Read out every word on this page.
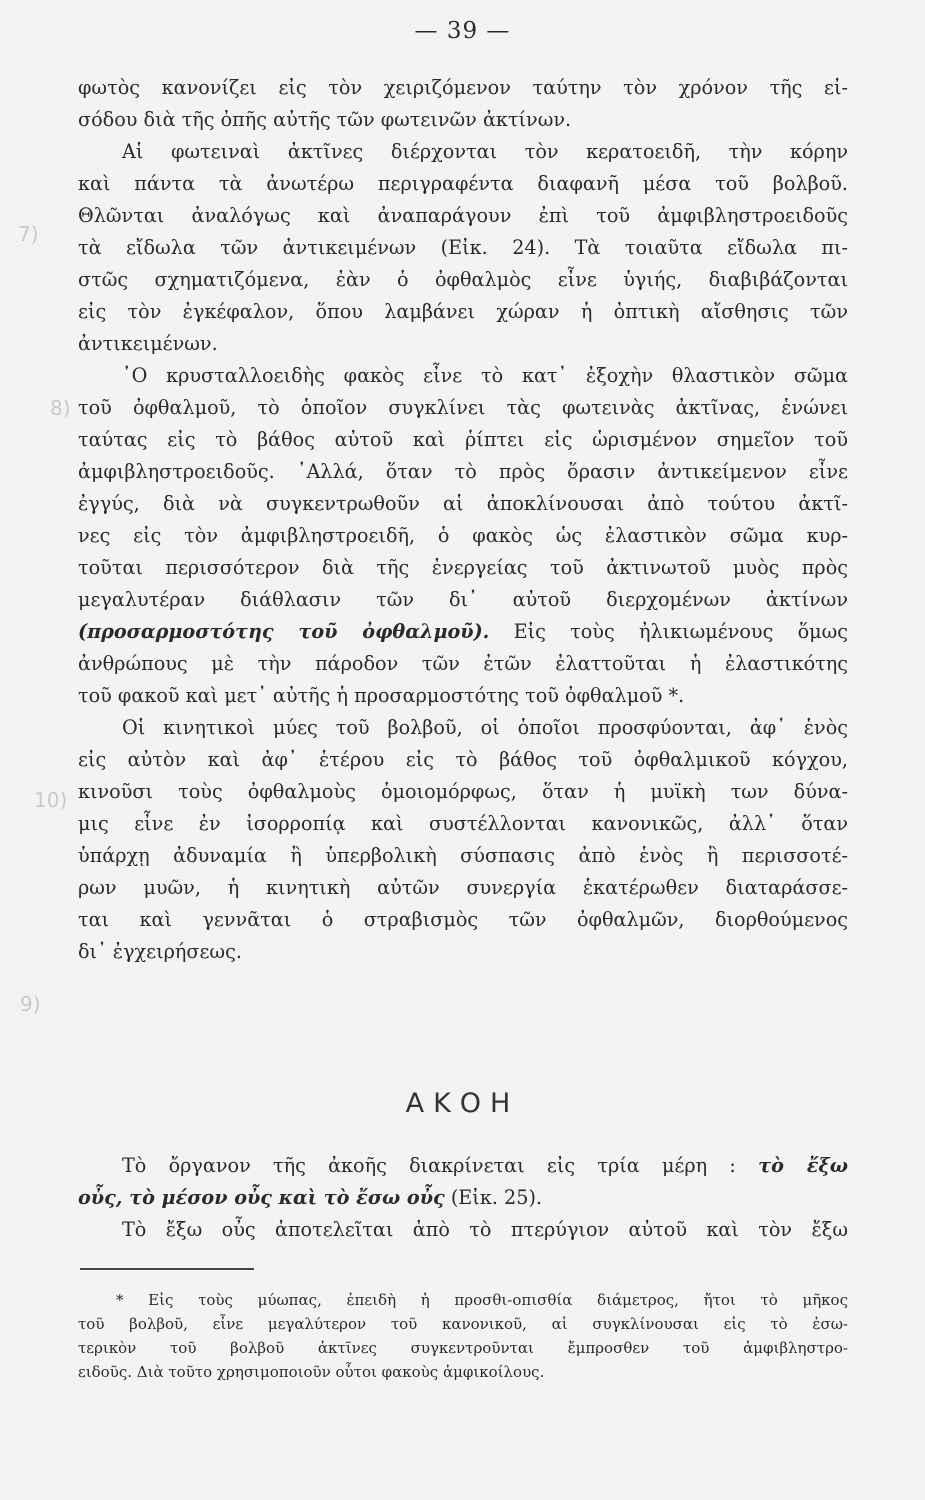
— 39 —
7)
8)
10)
9)
φωτὸς κανονίζει εἰς τὸν χειριζόμενον ταύτην τὸν χρόνον τῆς εἰ-
σόδου διὰ τῆς ὀπῆς αὐτῆς τῶν φωτεινῶν ἀκτίνων.
Αἱ φωτειναὶ ἀκτῖνες διέρχονται τὸν κερατοειδῆ, τὴν κόρην
καὶ πάντα τὰ ἀνωτέρω περιγραφέντα διαφανῆ μέσα τοῦ βολβοῦ.
Θλῶνται ἀναλόγως καὶ ἀναπαράγουν ἐπὶ τοῦ ἀμφιβληστροειδοῦς
τὰ εἴδωλα τῶν ἀντικειμένων (Εἰκ. 24). Τὰ τοιαῦτα εἴδωλα πι-
στῶς σχηματιζόμενα, ἐὰν ὁ ὀφθαλμὸς εἶνε ὑγιής, διαβιβάζονται
εἰς τὸν ἐγκέφαλον, ὅπου λαμβάνει χώραν ἡ ὀπτικὴ αἴσθησις τῶν
ἀντικειμένων.
῾Ο κρυσταλλοειδὴς φακὸς εἶνε τὸ κατ᾽ ἐξοχὴν θλαστικὸν σῶμα
τοῦ ὀφθαλμοῦ, τὸ ὁποῖον συγκλίνει τὰς φωτεινὰς ἀκτῖνας, ἑνώνει
ταύτας εἰς τὸ βάθος αὐτοῦ καὶ ῥίπτει εἰς ὡρισμένον σημεῖον τοῦ
ἀμφιβληστροειδοῦς. ᾿Αλλά, ὅταν τὸ πρὸς ὅρασιν ἀντικείμενον εἶνε
ἐγγύς, διὰ νὰ συγκεντρωθοῦν αἱ ἀποκλίνουσαι ἀπὸ τούτου ἀκτῖ-
νες εἰς τὸν ἀμφιβληστροειδῆ, ὁ φακὸς ὡς ἐλαστικὸν σῶμα κυρ-
τοῦται περισσότερον διὰ τῆς ἐνεργείας τοῦ ἀκτινωτοῦ μυὸς πρὸς
μεγαλυτέραν διάθλασιν τῶν δι᾽ αὐτοῦ διερχομένων ἀκτίνων
(προσαρμοστότης τοῦ ὀφθαλμοῦ). Εἰς τοὺς ἠλικιωμένους ὅμως
ἀνθρώπους μὲ τὴν πάροδον τῶν ἐτῶν ἐλαττοῦται ἡ ἐλαστικότης
τοῦ φακοῦ καὶ μετ᾽ αὐτῆς ἡ προσαρμοστότης τοῦ ὀφθαλμοῦ *.
Οἱ κινητικοὶ μύες τοῦ βολβοῦ, οἱ ὁποῖοι προσφύονται, ἀφ᾽ ἑνὸς
εἰς αὐτὸν καὶ ἀφ᾽ ἑτέρου εἰς τὸ βάθος τοῦ ὀφθαλμικοῦ κόγχου,
κινοῦσι τοὺς ὀφθαλμοὺς ὁμοιομόρφως, ὅταν ἡ μυϊκὴ των δύνα-
μις εἶνε ἐν ἰσορροπίᾳ καὶ συστέλλονται κανονικῶς, ἀλλ᾽ ὅταν
ὑπάρχῃ ἀδυναμία ἢ ὑπερβολικὴ σύσπασις ἀπὸ ἑνὸς ἢ περισσοτέ-
ρων μυῶν, ἡ κινητικὴ αὐτῶν συνεργία ἑκατέρωθεν διαταράσσε-
ται καὶ γεννᾶται ὁ στραβισμὸς τῶν ὀφθαλμῶν, διορθούμενος
δι᾽ ἐγχειρήσεως.
ΑΚΟΗ
Τὸ ὄργανον τῆς ἀκοῆς διακρίνεται εἰς τρία μέρη : τὸ ἔξω
οὖς, τὸ μέσον οὖς καὶ τὸ ἔσω οὖς (Εἰκ. 25).
Τὸ ἔξω οὖς ἀποτελεῖται ἀπὸ τὸ πτερύγιον αὐτοῦ καὶ τὸν ἔξω
* Εἰς τοὺς μύωπας, ἐπειδὴ ἡ προσθι-οπισθία διάμετρος, ἤτοι τὸ μῆκος
τοῦ βολβοῦ, εἶνε μεγαλύτερον τοῦ κανονικοῦ, αἱ συγκλίνουσαι εἰς τὸ ἐσω-
τερικὸν τοῦ βολβοῦ ἀκτῖνες συγκεντροῦνται ἔμπροσθεν τοῦ ἀμφιβληστρο-
ειδοῦς. Διὰ τοῦτο χρησιμοποιοῦν οὗτοι φακοὺς ἀμφικοίλους.
